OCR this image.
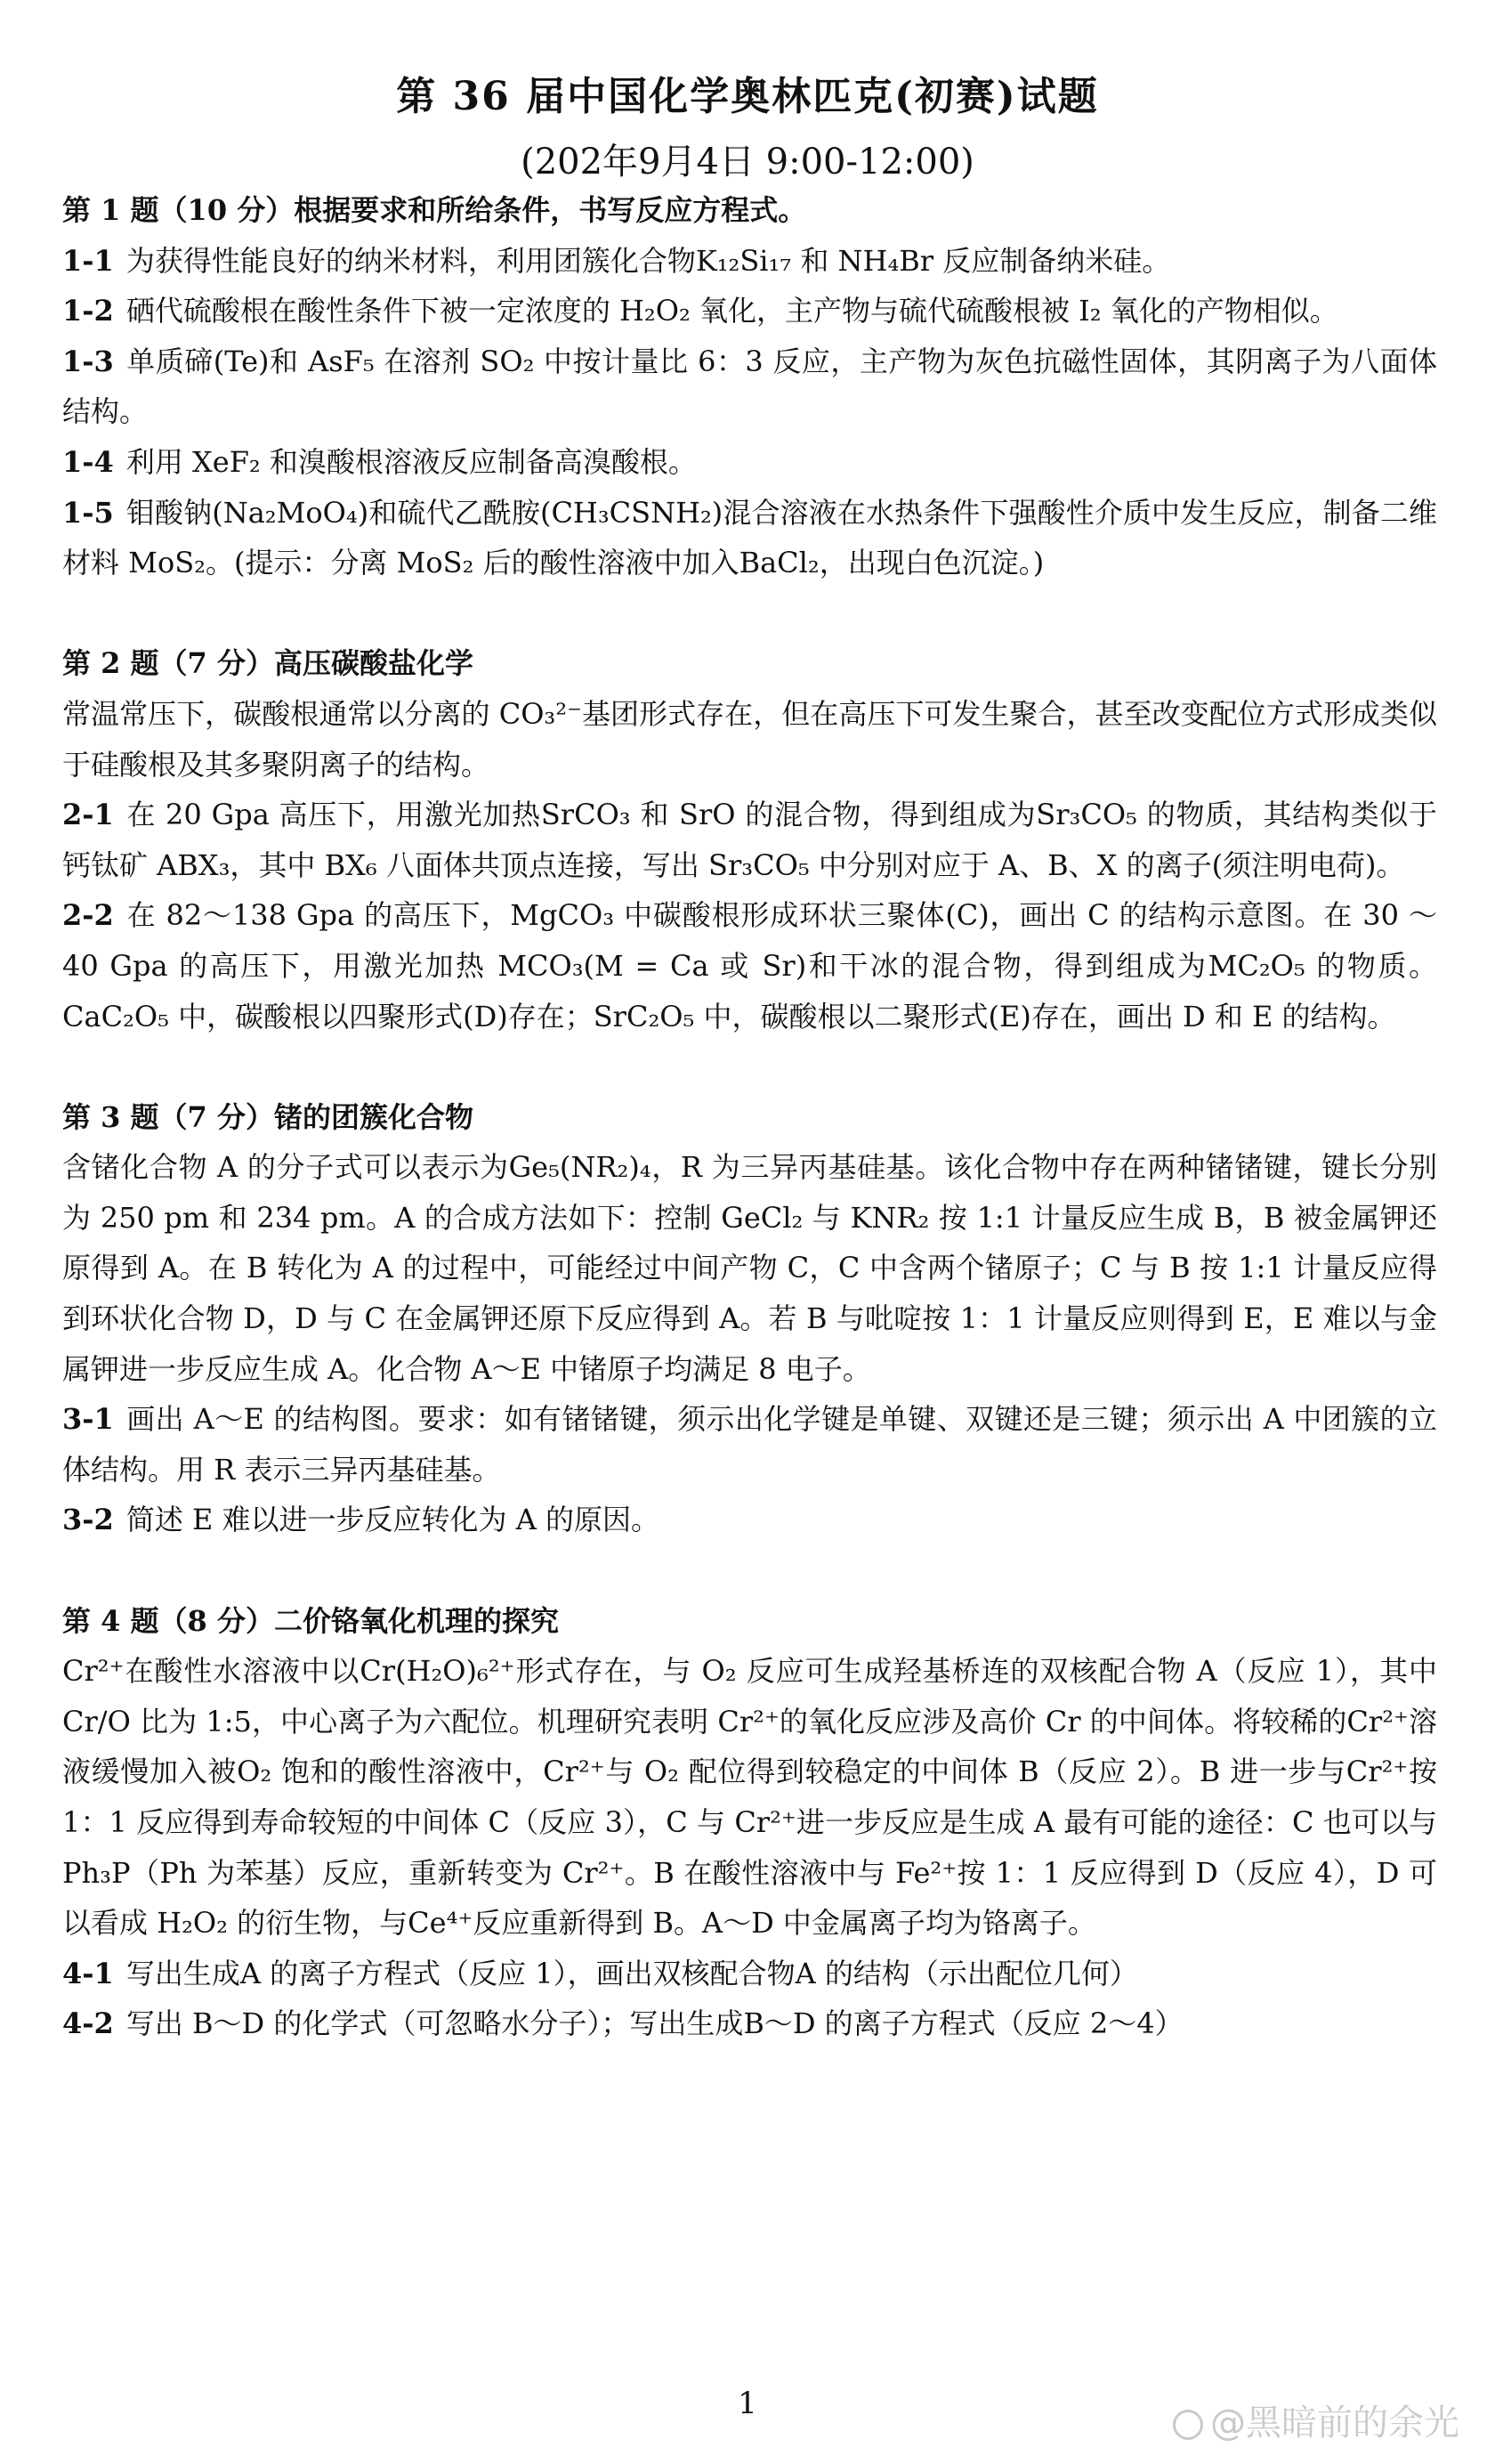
第 36 届中国化学奥林匹克(初赛)试题

(202年9月4日 9:00-12:00)

第 1 题（10 分）根据要求和所给条件，书写反应方程式。

1-1 为获得性能良好的纳米材料，利用团簇化合物K₁₂Si₁₇ 和 NH₄Br 反应制备纳米硅。

1-2 硒代硫酸根在酸性条件下被一定浓度的 H₂O₂ 氧化，主产物与硫代硫酸根被 I₂ 氧化的产物相似。

1-3 单质碲(Te)和 AsF₅ 在溶剂 SO₂ 中按计量比 6：3 反应，主产物为灰色抗磁性固体，其阴离子为八面体结构。

1-4 利用 XeF₂ 和溴酸根溶液反应制备高溴酸根。

1-5 钼酸钠(Na₂MoO₄)和硫代乙酰胺(CH₃CSNH₂)混合溶液在水热条件下强酸性介质中发生反应，制备二维材料 MoS₂。(提示：分离 MoS₂ 后的酸性溶液中加入BaCl₂，出现白色沉淀。)

第 2 题（7 分）高压碳酸盐化学

常温常压下，碳酸根通常以分离的 CO₃²⁻基团形式存在，但在高压下可发生聚合，甚至改变配位方式形成类似于硅酸根及其多聚阴离子的结构。

2-1 在 20 Gpa 高压下，用激光加热SrCO₃ 和 SrO 的混合物，得到组成为Sr₃CO₅ 的物质，其结构类似于钙钛矿 ABX₃，其中 BX₆ 八面体共顶点连接，写出 Sr₃CO₅ 中分别对应于 A、B、X 的离子(须注明电荷)。

2-2 在 82～138 Gpa 的高压下，MgCO₃ 中碳酸根形成环状三聚体(C)，画出 C 的结构示意图。在 30 ～ 40 Gpa 的高压下，用激光加热 MCO₃(M = Ca 或 Sr)和干冰的混合物，得到组成为MC₂O₅ 的物质。CaC₂O₅ 中，碳酸根以四聚形式(D)存在；SrC₂O₅ 中，碳酸根以二聚形式(E)存在，画出 D 和 E 的结构。

第 3 题（7 分）锗的团簇化合物

含锗化合物 A 的分子式可以表示为Ge₅(NR₂)₄，R 为三异丙基硅基。该化合物中存在两种锗锗键，键长分别为 250 pm 和 234 pm。A 的合成方法如下：控制 GeCl₂ 与 KNR₂ 按 1:1 计量反应生成 B，B 被金属钾还原得到 A。在 B 转化为 A 的过程中，可能经过中间产物 C，C 中含两个锗原子；C 与 B 按 1:1 计量反应得到环状化合物 D，D 与 C 在金属钾还原下反应得到 A。若 B 与吡啶按 1：1 计量反应则得到 E，E 难以与金属钾进一步反应生成 A。化合物 A～E 中锗原子均满足 8 电子。

3-1 画出 A～E 的结构图。要求：如有锗锗键，须示出化学键是单键、双键还是三键；须示出 A 中团簇的立体结构。用 R 表示三异丙基硅基。

3-2 简述 E 难以进一步反应转化为 A 的原因。

第 4 题（8 分）二价铬氧化机理的探究

Cr²⁺在酸性水溶液中以Cr(H₂O)₆²⁺形式存在，与 O₂ 反应可生成羟基桥连的双核配合物 A（反应 1），其中 Cr/O 比为 1:5，中心离子为六配位。机理研究表明 Cr²⁺的氧化反应涉及高价 Cr 的中间体。将较稀的Cr²⁺溶液缓慢加入被O₂ 饱和的酸性溶液中，Cr²⁺与 O₂ 配位得到较稳定的中间体 B（反应 2）。B 进一步与Cr²⁺按 1：1 反应得到寿命较短的中间体 C（反应 3），C 与 Cr²⁺进一步反应是生成 A 最有可能的途径：C 也可以与Ph₃P（Ph 为苯基）反应，重新转变为 Cr²⁺。B 在酸性溶液中与 Fe²⁺按 1：1 反应得到 D（反应 4），D 可以看成 H₂O₂ 的衍生物，与Ce⁴⁺反应重新得到 B。A～D 中金属离子均为铬离子。

4-1 写出生成A 的离子方程式（反应 1），画出双核配合物A 的结构（示出配位几何）

4-2 写出 B～D 的化学式（可忽略水分子）；写出生成B～D 的离子方程式（反应 2～4）

1	@黑暗前的余光
